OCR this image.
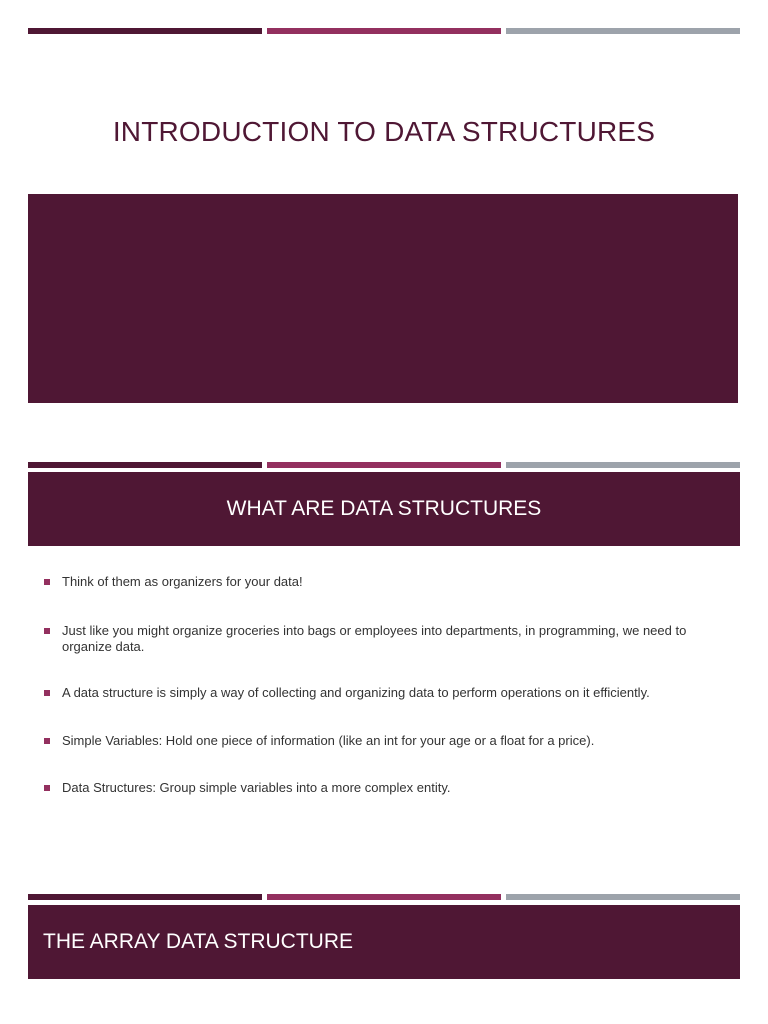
INTRODUCTION TO DATA STRUCTURES
WHAT ARE DATA STRUCTURES
Think of them as organizers for your data!
Just like you might organize groceries into bags or employees into departments, in programming, we need to organize data.
A data structure is simply a way of collecting and organizing data to perform operations on it efficiently.
Simple Variables: Hold one piece of information (like an int for your age or a float for a price).
Data Structures: Group simple variables into a more complex entity.
THE ARRAY DATA STRUCTURE
